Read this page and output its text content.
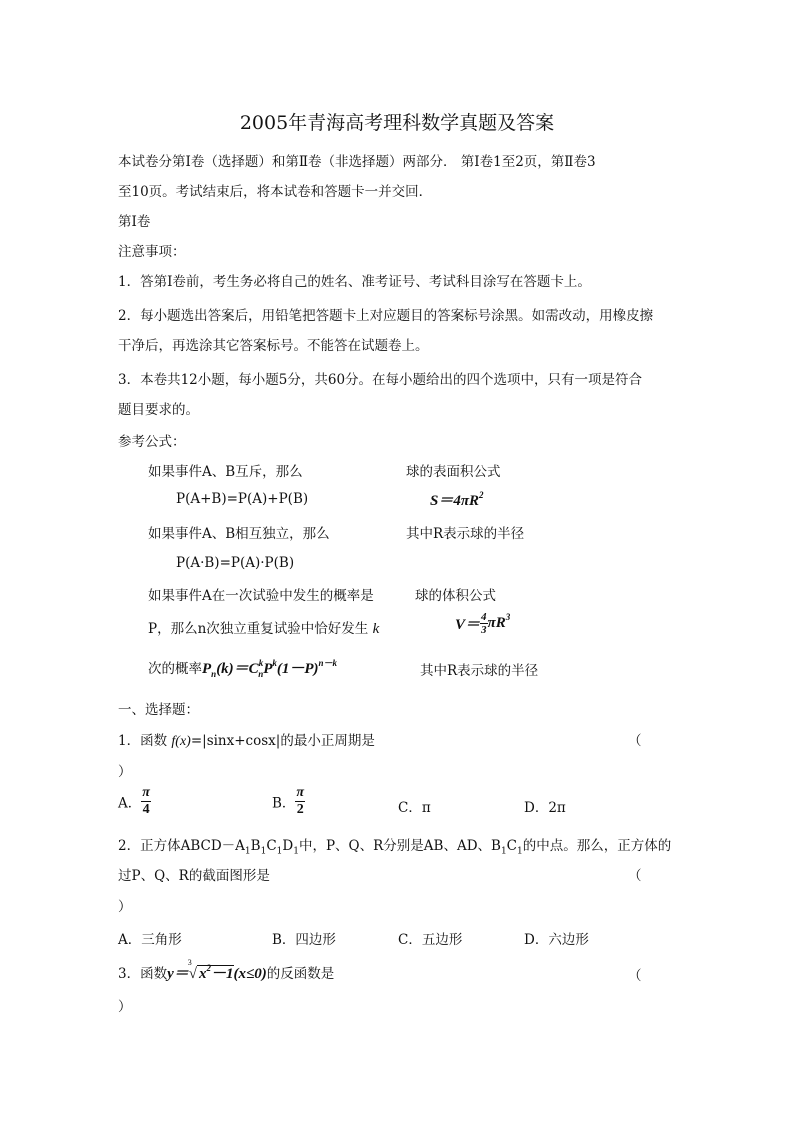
2005年青海高考理科数学真题及答案
本试卷分第Ⅰ卷（选择题）和第Ⅱ卷（非选择题）两部分． 第Ⅰ卷1至2页，第Ⅱ卷3
至10页。考试结束后，将本试卷和答题卡一并交回．
第Ⅰ卷
注意事项：
1．答第Ⅰ卷前，考生务必将自己的姓名、准考证号、考试科目涂写在答题卡上。
2．每小题选出答案后，用铅笔把答题卡上对应题目的答案标号涂黑。如需改动，用橡皮擦
干净后，再选涂其它答案标号。不能答在试题卷上。
3．本卷共12小题，每小题5分，共60分。在每小题给出的四个选项中，只有一项是符合
题目要求的。
参考公式：
如果事件A、B互斥，那么
P(A+B)=P(A)+P(B)
如果事件A、B相互独立，那么
P(A·B)=P(A)·P(B)
如果事件A在一次试验中发生的概率是
P，那么n次独立重复试验中恰好发生 k
次的概率$P_n(k)=C^k_nP^k(1-P)^{n-k}$
球的表面积公式
$S=4\pi R^2$
其中R表示球的半径
球的体积公式
$V= \frac{4}{3} \pi R^3$
其中R表示球的半径
一、选择题：
1．函数 f(x)=|sinx+cosx|的最小正周期是	（
）
A． $\frac{\pi}{4}$	B． $\frac{\pi}{2}$	C．π	D．2π
2．正方体$ABCD-A_1B_1C_1D_1$中，P、Q、R分别是AB、AD、$B_1C_1$的中点。那么，正方体的
过P、Q、R的截面图形是	（
）
A．三角形	B．四边形	C．五边形	D．六边形
3．函数y＝
3
√ $x^2-1(x\le 0)$的反函数是	（
）
